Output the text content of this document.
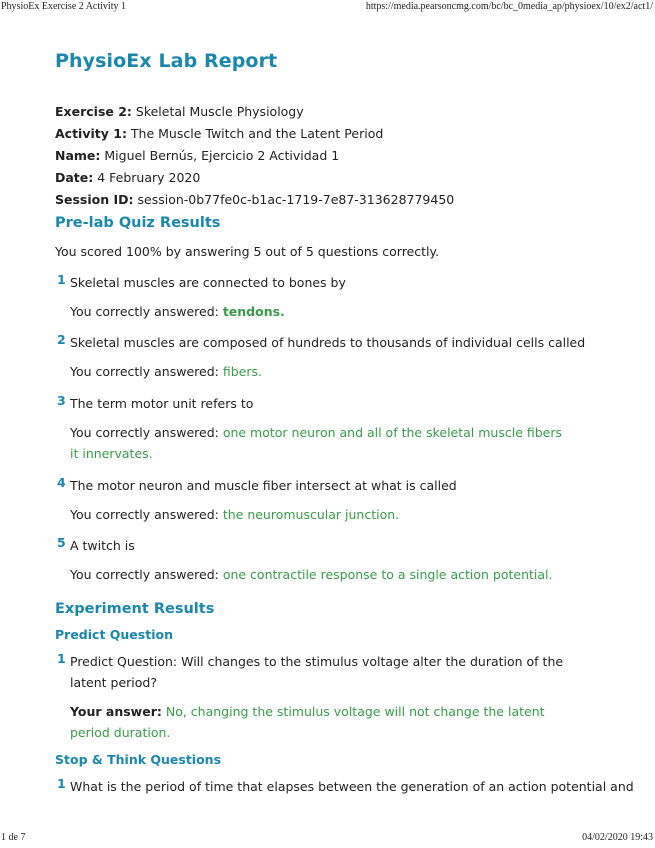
PhysioEx Exercise 2 Activity 1	https://media.pearsoncmg.com/bc/bc_0media_ap/physioex/10/ex2/act1/
PhysioEx Lab Report
Exercise 2: Skeletal Muscle Physiology
Activity 1: The Muscle Twitch and the Latent Period
Name: Miguel Bernús, Ejercicio 2 Actividad 1
Date: 4 February 2020
Session ID: session-0b77fe0c-b1ac-1719-7e87-313628779450
Pre-lab Quiz Results

You scored 100% by answering 5 out of 5 questions correctly.

1 Skeletal muscles are connected to bones by
You correctly answered: tendons.
2 Skeletal muscles are composed of hundreds to thousands of individual cells called
You correctly answered: fibers.
3 The term motor unit refers to
You correctly answered: one motor neuron and all of the skeletal muscle fibers it innervates.
4 The motor neuron and muscle fiber intersect at what is called
You correctly answered: the neuromuscular junction.
5 A twitch is
You correctly answered: one contractile response to a single action potential.
Experiment Results
Predict Question
1 Predict Question: Will changes to the stimulus voltage alter the duration of the latent period?
Your answer: No, changing the stimulus voltage will not change the latent period duration.
Stop & Think Questions
1 What is the period of time that elapses between the generation of an action potential and
1 de 7	04/02/2020 19:43
